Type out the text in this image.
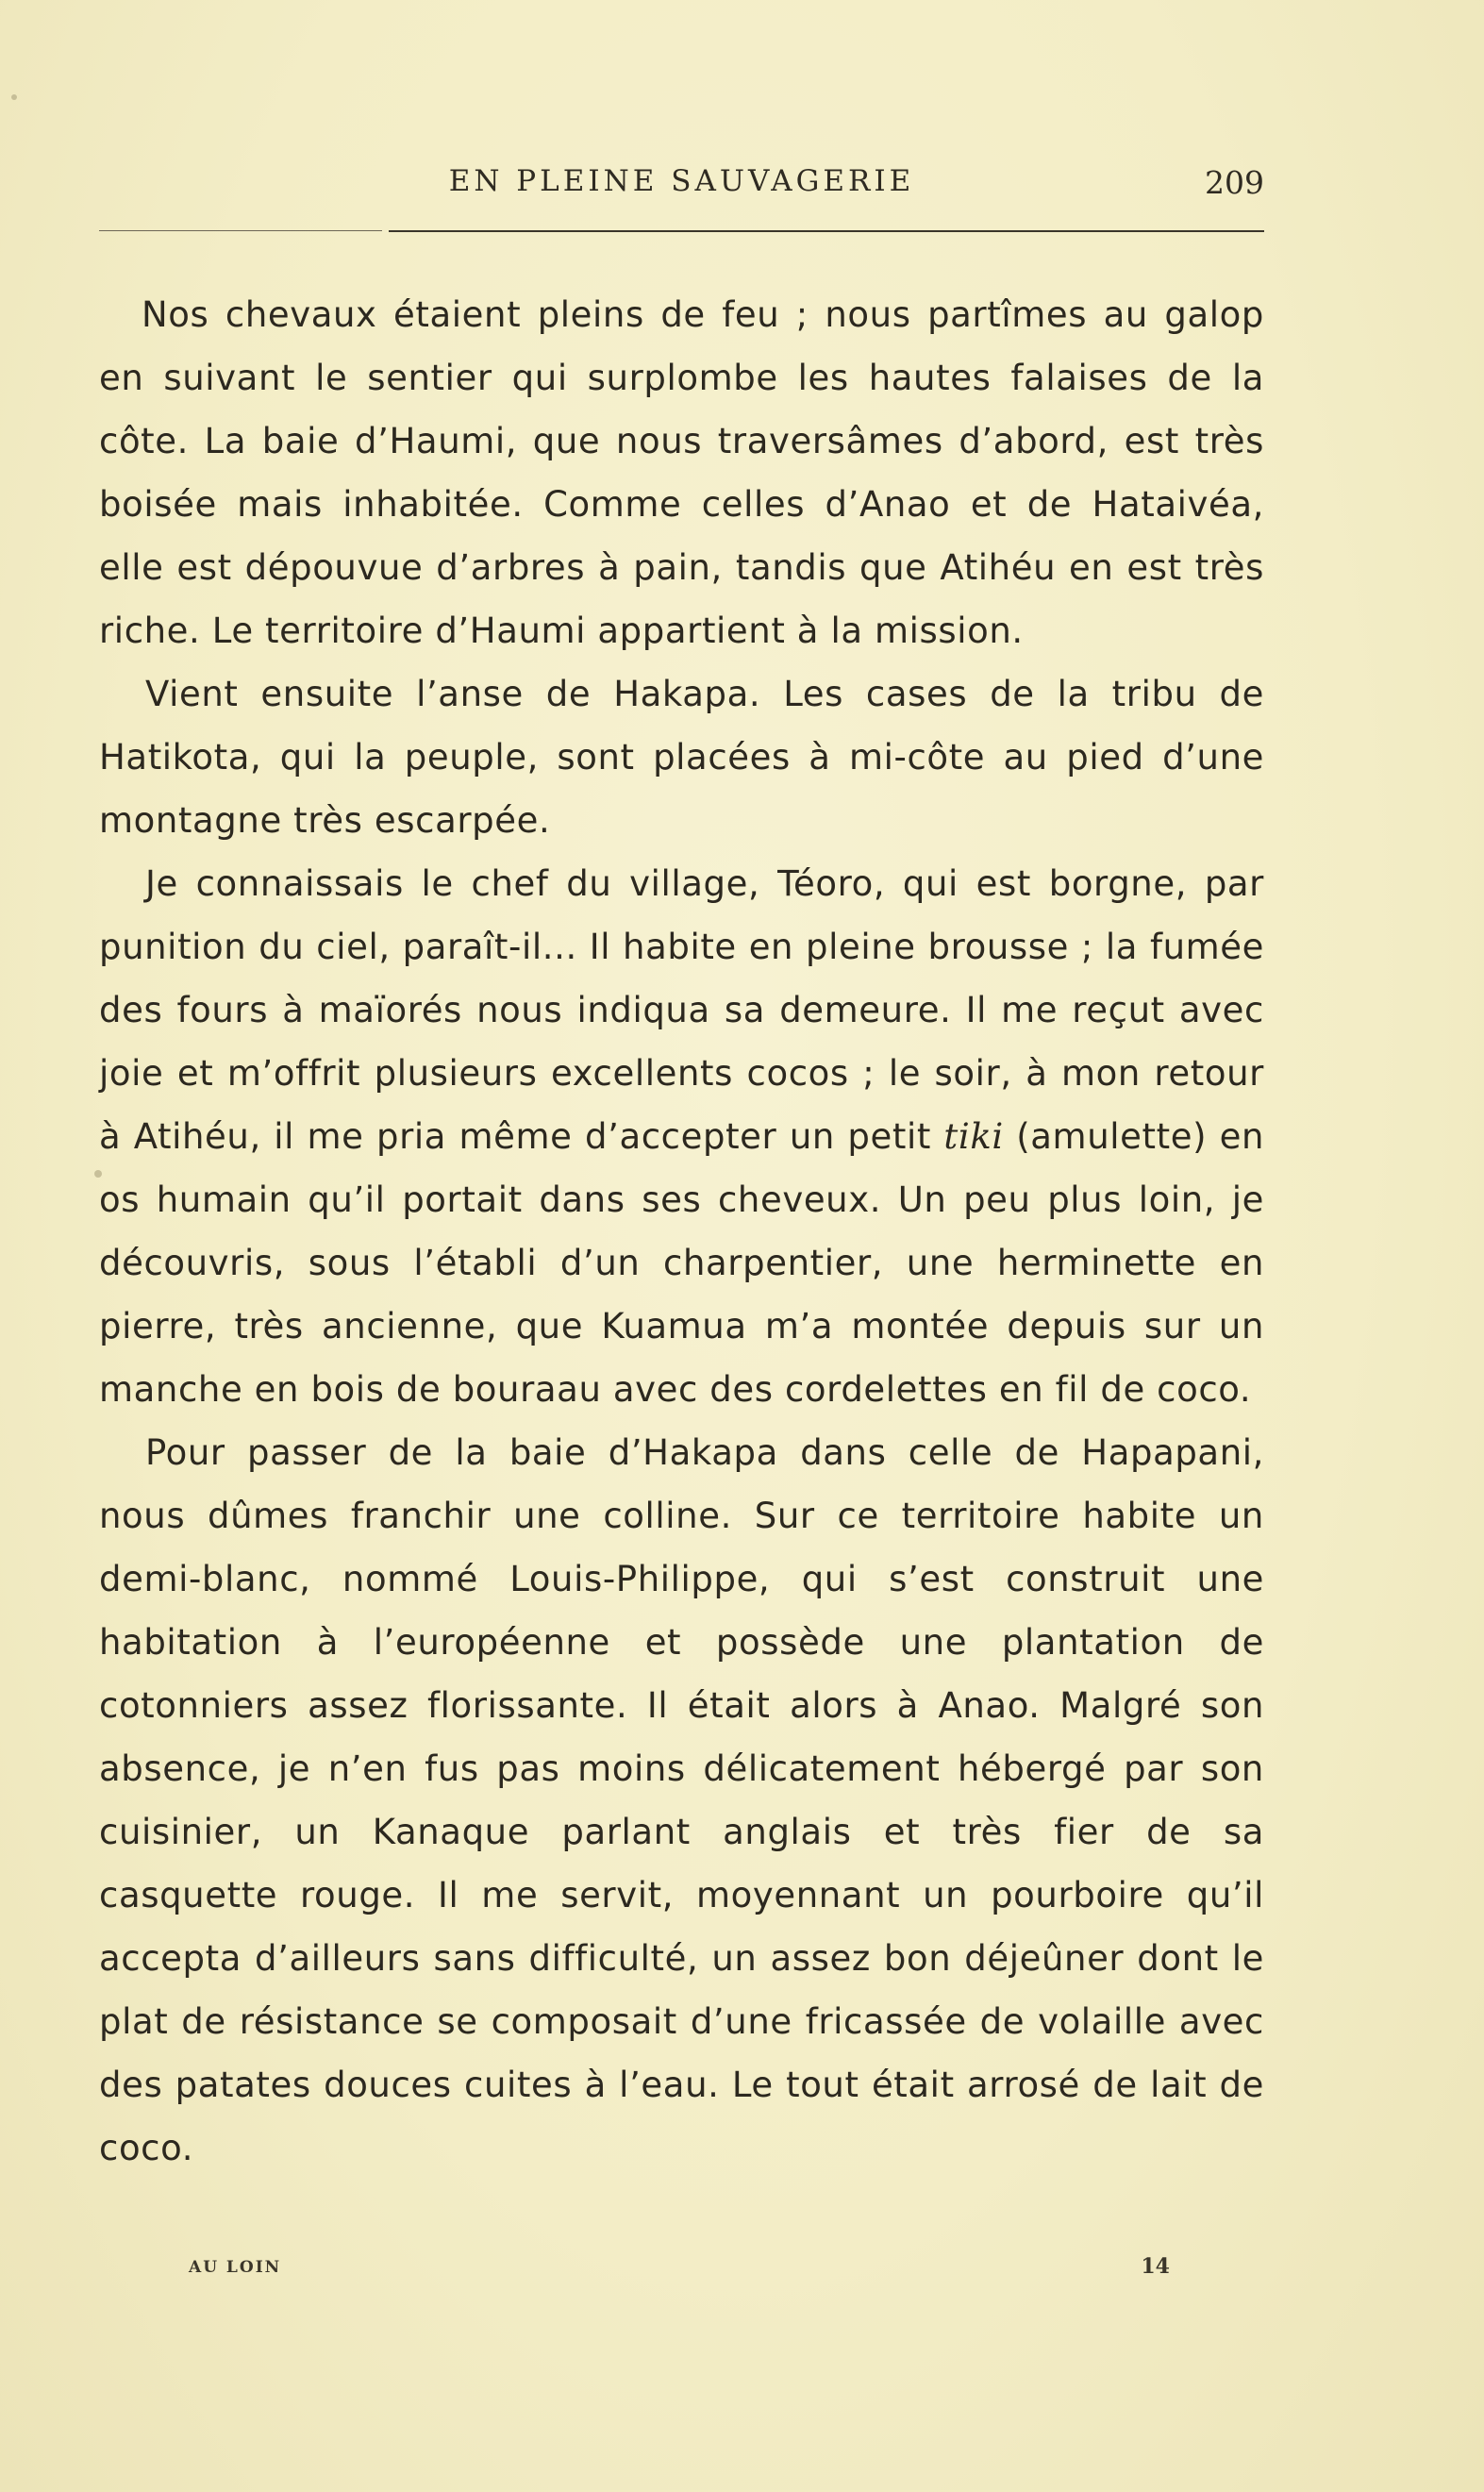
EN PLEINE SAUVAGERIE	209

Nos chevaux étaient pleins de feu ; nous partîmes au galop en suivant le sentier qui surplombe les hautes falaises de la côte. La baie d’Haumi, que nous traversâmes d’abord, est très boisée mais inhabitée. Comme celles d’Anao et de Hataivéa, elle est dépouvue d’arbres à pain, tandis que Atihéu en est très riche. Le territoire d’Haumi appartient à la mission.

Vient ensuite l’anse de Hakapa. Les cases de la tribu de Hatikota, qui la peuple, sont placées à mi-côte au pied d’une montagne très escarpée.

Je connaissais le chef du village, Téoro, qui est borgne, par punition du ciel, paraît-il... Il habite en pleine brousse ; la fumée des fours à maïorés nous indiqua sa demeure. Il me reçut avec joie et m’offrit plusieurs excellents cocos ; le soir, à mon retour à Atihéu, il me pria même d’accepter un petit tiki (amulette) en os humain qu’il portait dans ses cheveux. Un peu plus loin, je découvris, sous l’établi d’un charpentier, une herminette en pierre, très ancienne, que Kuamua m’a montée depuis sur un manche en bois de bouraau avec des cordelettes en fil de coco.

Pour passer de la baie d’Hakapa dans celle de Hapapani, nous dûmes franchir une colline. Sur ce territoire habite un demi-blanc, nommé Louis-Philippe, qui s’est construit une habitation à l’européenne et possède une plantation de cotonniers assez florissante. Il était alors à Anao. Malgré son absence, je n’en fus pas moins délicatement hébergé par son cuisinier, un Kanaque parlant anglais et très fier de sa casquette rouge. Il me servit, moyennant un pourboire qu’il accepta d’ailleurs sans difficulté, un assez bon déjeûner dont le plat de résistance se composait d’une fricassée de volaille avec des patates douces cuites à l’eau. Le tout était arrosé de lait de coco.

AU LOIN	14
